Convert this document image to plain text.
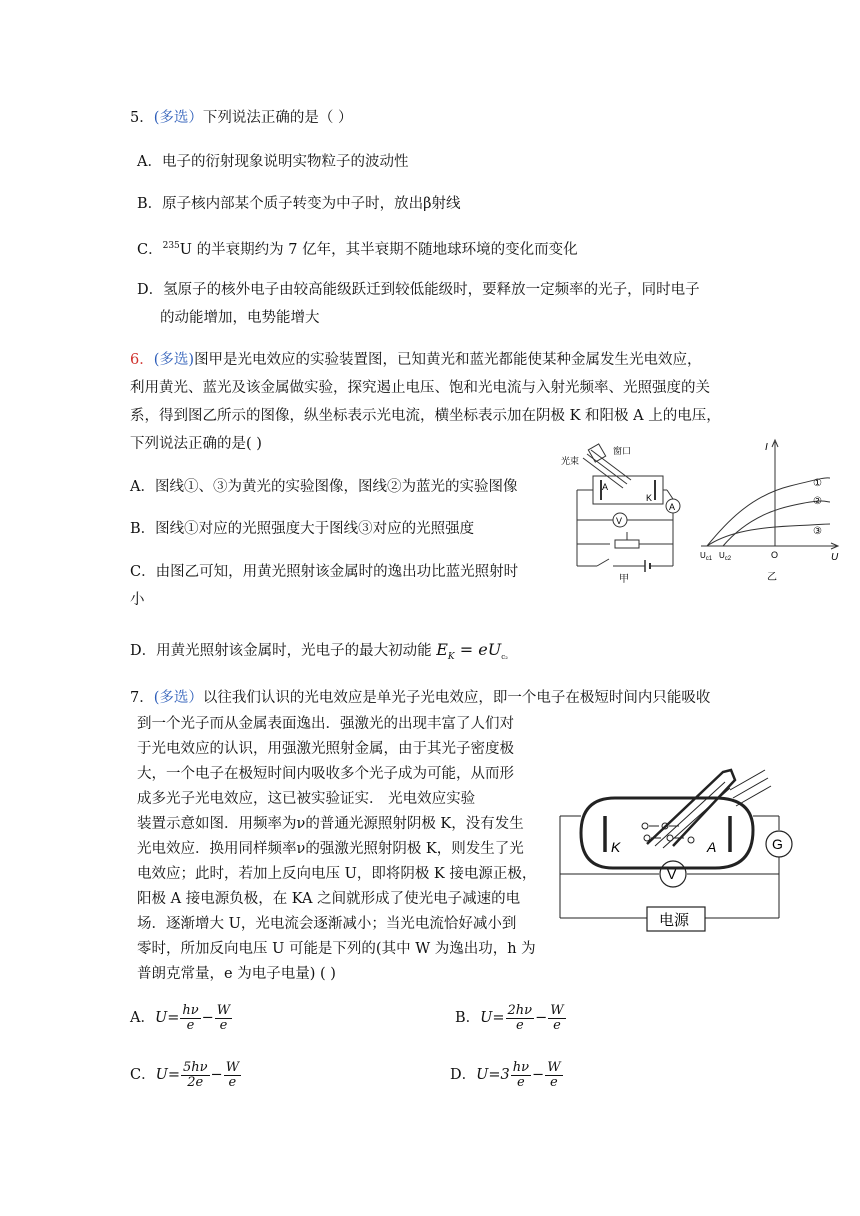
5．(多选）下列说法正确的是（ ）
A．电子的衍射现象说明实物粒子的波动性
B．原子核内部某个质子转变为中子时，放出β射线
C．$^{235}$U 的半衰期约为 7 亿年，其半衰期不随地球环境的变化而变化
D．氢原子的核外电子由较高能级跃迁到较低能级时，要释放一定频率的光子，同时电子
的动能增加，电势能增大
6．(多选)图甲是光电效应的实验装置图，已知黄光和蓝光都能使某种金属发生光电效应，
利用黄光、蓝光及该金属做实验，探究遏止电压、饱和光电流与入射光频率、光照强度的关
系，得到图乙所示的图像，纵坐标表示光电流，横坐标表示加在阴极 K 和阳极 A 上的电压，
下列说法正确的是( )
A．图线①、③为黄光的实验图像，图线②为蓝光的实验图像
B．图线①对应的光照强度大于图线③对应的光照强度
C．由图乙可知，用黄光照射该金属时的逸出功比蓝光照射时
小
D．用黄光照射该金属时，光电子的最大初动能 $E_K = eU_{c_2}$
窗口
光束
A
K
V
A
甲
I
U
O
$U_{c1}$ $U_{c2}$
①
②
③
乙
7．(多选）以往我们认识的光电效应是单光子光电效应，即一个电子在极短时间内只能吸收
到一个光子而从金属表面逸出．强激光的出现丰富了人们对
于光电效应的认识，用强激光照射金属，由于其光子密度极
大，一个电子在极短时间内吸收多个光子成为可能，从而形
成多光子光电效应，这已被实验证实． 光电效应实验
装置示意如图．用频率为ν的普通光源照射阴极 K，没有发生
光电效应．换用同样频率ν的强激光照射阴极 K，则发生了光
电效应；此时，若加上反向电压 U，即将阴极 K 接电源正极，
阳极 A 接电源负极，在 KA 之间就形成了使光电子减速的电
场．逐渐增大 U，光电流会逐渐减小；当光电流恰好减小到
零时，所加反向电压 U 可能是下列的(其中 W 为逸出功，h 为
普朗克常量，e 为电子电量) ( )
K	A	G
V
电源
A．$U= \frac{h\nu}{e} - \frac{W}{e}$	B．$U= \frac{2h\nu}{e} - \frac{W}{e}$
C．$U= \frac{5h\nu}{2e} - \frac{W}{e}$	D．$U=3 \frac{h\nu}{e} - \frac{W}{e}$
